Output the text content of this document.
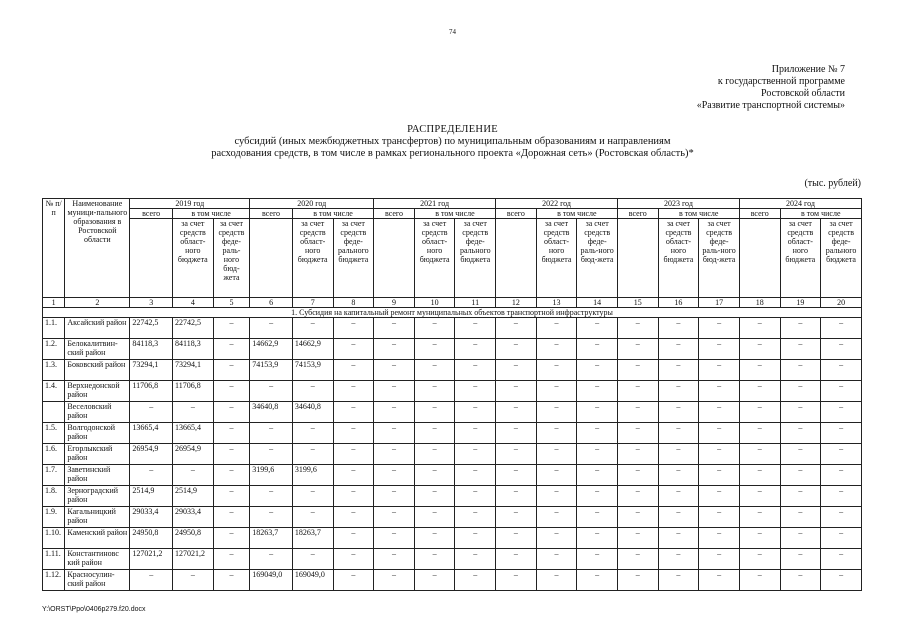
74
Приложение № 7
к государственной программе
Ростовской области
«Развитие транспортной системы»
РАСПРЕДЕЛЕНИЕ
субсидий (иных межбюджетных трансфертов) по муниципальным образованиям и направлениям
расходования средств, в том числе в рамках регионального проекта «Дорожная сеть» (Ростовская область)*
(тыс. рублей)
№ п/п	Наименование муници-пального образования в Ростовской области	2019 год			2020 год			2021 год			2022 год			2023 год			2024 год		
		всего	в том числе		всего	в том числе		всего	в том числе		всего	в том числе		всего	в том числе		всего	в том числе	
			за счет средств област-ного бюджета	за счет средств феде-раль-ного бюд-жета		за счет средств област-ного бюджета	за счет средств феде-рального бюджета		за счет средств област-ного бюджета	за счет средств феде-рального бюджета		за счет средств област-ного бюджета	за счет средств феде-раль-ного бюд-жета		за счет средств област-ного бюджета	за счет средств феде-раль-ного бюд-жета		за счет средств област-ного бюджета	за счет средств феде-рального бюджета
1	2	3	4	5	6	7	8	9	10	11	12	13	14	15	16	17	18	19	20
1. Субсидия на капитальный ремонт муниципальных объектов транспортной инфраструктуры																			
1.1.	Аксайский район	22742,5	22742,5	–	–	–	–	–	–	–	–	–	–	–	–	–	–	–	–
1.2.	Белокалитвин-ский район	84118,3	84118,3	–	14662,9	14662,9	–	–	–	–	–	–	–	–	–	–	–	–	–
1.3.	Боковский район	73294,1	73294,1	–	74153,9	74153,9	–	–	–	–	–	–	–	–	–	–	–	–	–
1.4.	Верхнедонской район	11706,8	11706,8	–	–	–	–	–	–	–	–	–	–	–	–	–	–	–	–
	Веселовский район	–	–	–	34640,8	34640,8	–	–	–	–	–	–	–	–	–	–	–	–	–
1.5.	Волгодонской район	13665,4	13665,4	–	–	–	–	–	–	–	–	–	–	–	–	–	–	–	–
1.6.	Егорлыкский район	26954,9	26954,9	–	–	–	–	–	–	–	–	–	–	–	–	–	–	–	–
1.7.	Заветинский район	–	–	–	3199,6	3199,6	–	–	–	–	–	–	–	–	–	–	–	–	–
1.8.	Зерноградский район	2514,9	2514,9	–	–	–	–	–	–	–	–	–	–	–	–	–	–	–	–
1.9.	Кагальницкий район	29033,4	29033,4	–	–	–	–	–	–	–	–	–	–	–	–	–	–	–	–
1.10.	Каменский район	24950,8	24950,8	–	18263,7	18263,7	–	–	–	–	–	–	–	–	–	–	–	–	–
1.11.	Константиновс кий район	127021,2	127021,2	–	–	–	–	–	–	–	–	–	–	–	–	–	–	–	–
1.12.	Красносулин-ский район	–	–	–	169049,0	169049,0	–	–	–	–	–	–	–	–	–	–	–	–	–
Y:\ORST\Ppo\0406p279.f20.docx
